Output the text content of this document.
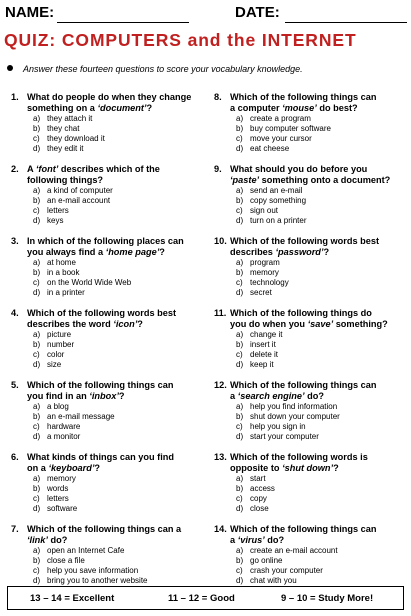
NAME:	DATE:
QUIZ: COMPUTERS and the INTERNET
Answer these fourteen questions to score your vocabulary knowledge.
1. What do people do when they change
something on a ‘document’?
a) they attach it
b) they chat
c) they download it
d) they edit it
2. A ‘font’ describes which of the
following things?
a) a kind of computer
b) an e-mail account
c) letters
d) keys
3. In which of the following places can
you always find a ‘home page’?
a) at home
b) in a book
c) on the World Wide Web
d) in a printer
4. Which of the following words best
describes the word ‘icon’?
a) picture
b) number
c) color
d) size
5. Which of the following things can
you find in an ‘inbox’?
a) a blog
b) an e-mail message
c) hardware
d) a monitor
6. What kinds of things can you find
on a ‘keyboard’?
a) memory
b) words
c) letters
d) software
7. Which of the following things can a
‘link’ do?
a) open an Internet Cafe
b) close a file
c) help you save information
d) bring you to another website
8. Which of the following things can
a computer ‘mouse’ do best?
a) create a program
b) buy computer software
c) move your cursor
d) eat cheese
9. What should you do before you
‘paste’ something onto a document?
a) send an e-mail
b) copy something
c) sign out
d) turn on a printer
10. Which of the following words best
describes ‘password’?
a) program
b) memory
c) technology
d) secret
11. Which of the following things do
you do when you ‘save’ something?
a) change it
b) insert it
c) delete it
d) keep it
12. Which of the following things can
a ‘search engine’ do?
a) help you find information
b) shut down your computer
c) help you sign in
d) start your computer
13. Which of the following words is
opposite to ‘shut down’?
a) start
b) access
c) copy
d) close
14. Which of the following things can
a ‘virus’ do?
a) create an e-mail account
b) go online
c) crash your computer
d) chat with you
13 – 14 = Excellent	11 – 12 = Good	9 – 10 = Study More!
